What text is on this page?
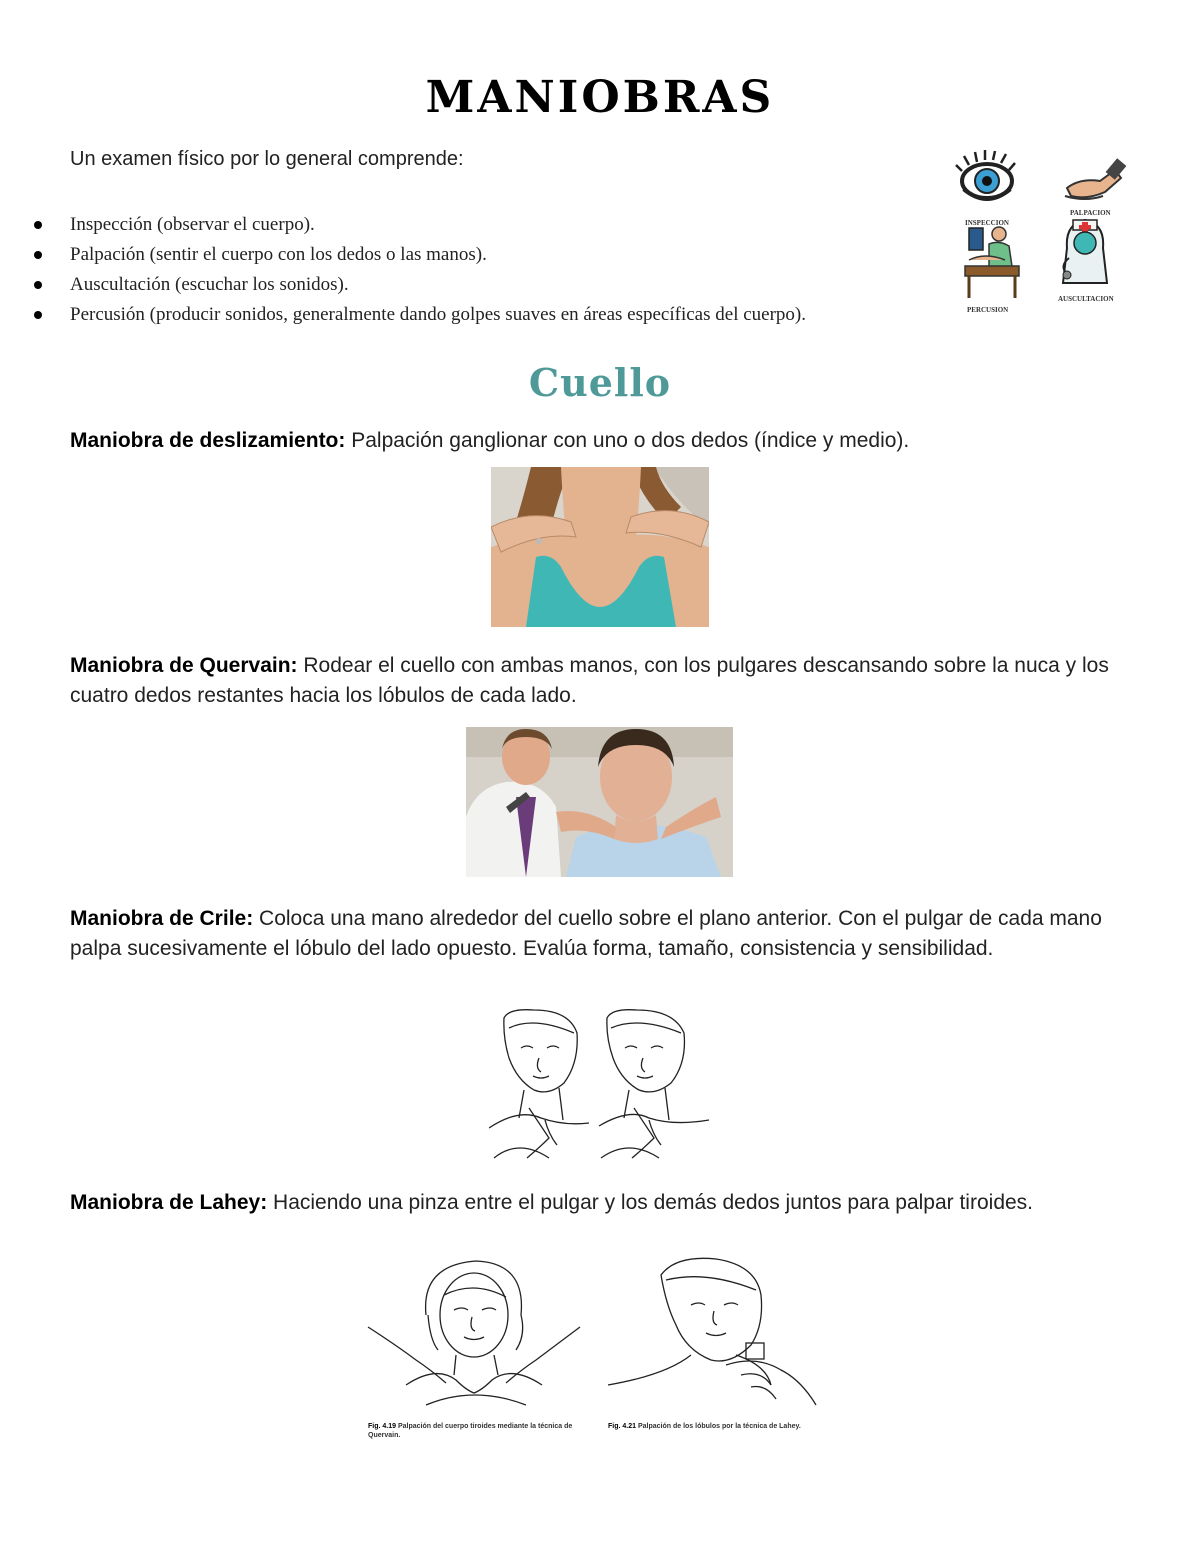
MANIOBRAS
Un examen físico por lo general comprende:
Inspección (observar el cuerpo).
Palpación (sentir el cuerpo con los dedos o las manos).
Auscultación (escuchar los sonidos).
Percusión (producir sonidos, generalmente dando golpes suaves en áreas específicas del cuerpo).
INSPECCION
PALPACION
PERCUSION
AUSCULTACION
Cuello
Maniobra de deslizamiento: Palpación ganglionar con uno o dos dedos (índice y medio).
Maniobra de Quervain: Rodear el cuello con ambas manos, con los pulgares descansando sobre la nuca y los cuatro dedos restantes hacia los lóbulos de cada lado.
Maniobra de Crile: Coloca una mano alrededor del cuello sobre el plano anterior. Con el pulgar de cada mano palpa sucesivamente el lóbulo del lado opuesto. Evalúa forma, tamaño, consistencia y sensibilidad.
Maniobra de Lahey: Haciendo una pinza entre el pulgar y los demás dedos juntos para palpar tiroides.
Fig. 4.19 Palpación del cuerpo tiroides mediante la técnica de Quervain.
Fig. 4.21 Palpación de los lóbulos por la técnica de Lahey.
